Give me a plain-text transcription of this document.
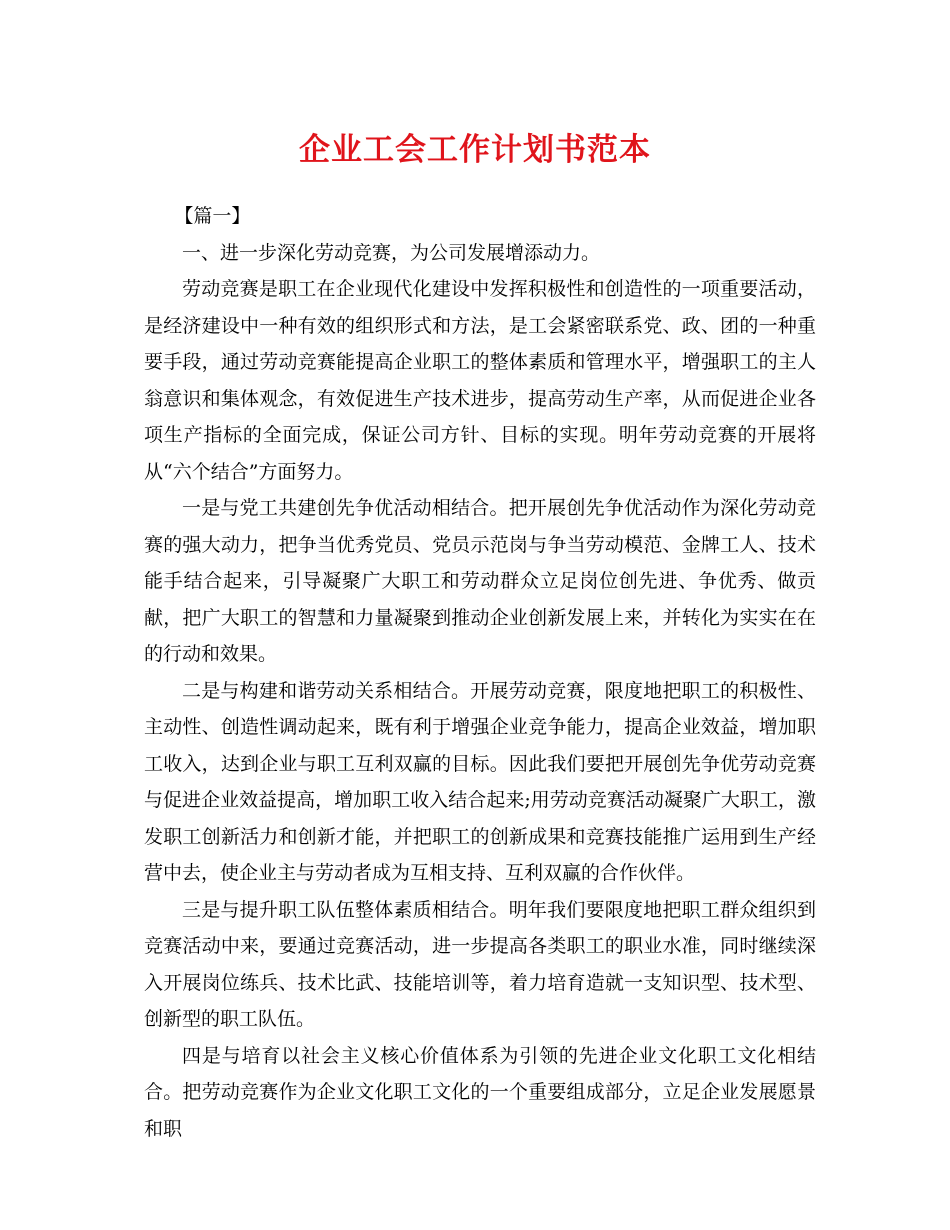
企业工会工作计划书范本

【篇一】

一、进一步深化劳动竞赛，为公司发展增添动力。

劳动竞赛是职工在企业现代化建设中发挥积极性和创造性的一项重要活动，是经济建设中一种有效的组织形式和方法，是工会紧密联系党、政、团的一种重要手段，通过劳动竞赛能提高企业职工的整体素质和管理水平，增强职工的主人翁意识和集体观念，有效促进生产技术进步，提高劳动生产率，从而促进企业各项生产指标的全面完成，保证公司方针、目标的实现。明年劳动竞赛的开展将从“六个结合”方面努力。

一是与党工共建创先争优活动相结合。把开展创先争优活动作为深化劳动竞赛的强大动力，把争当优秀党员、党员示范岗与争当劳动模范、金牌工人、技术能手结合起来，引导凝聚广大职工和劳动群众立足岗位创先进、争优秀、做贡献，把广大职工的智慧和力量凝聚到推动企业创新发展上来，并转化为实实在在的行动和效果。

二是与构建和谐劳动关系相结合。开展劳动竞赛，限度地把职工的积极性、主动性、创造性调动起来，既有利于增强企业竞争能力，提高企业效益，增加职工收入，达到企业与职工互利双赢的目标。因此我们要把开展创先争优劳动竞赛与促进企业效益提高，增加职工收入结合起来;用劳动竞赛活动凝聚广大职工，激发职工创新活力和创新才能，并把职工的创新成果和竞赛技能推广运用到生产经营中去，使企业主与劳动者成为互相支持、互利双赢的合作伙伴。

三是与提升职工队伍整体素质相结合。明年我们要限度地把职工群众组织到竞赛活动中来，要通过竞赛活动，进一步提高各类职工的职业水准，同时继续深入开展岗位练兵、技术比武、技能培训等，着力培育造就一支知识型、技术型、创新型的职工队伍。

四是与培育以社会主义核心价值体系为引领的先进企业文化职工文化相结合。把劳动竞赛作为企业文化职工文化的一个重要组成部分，立足企业发展愿景和职
